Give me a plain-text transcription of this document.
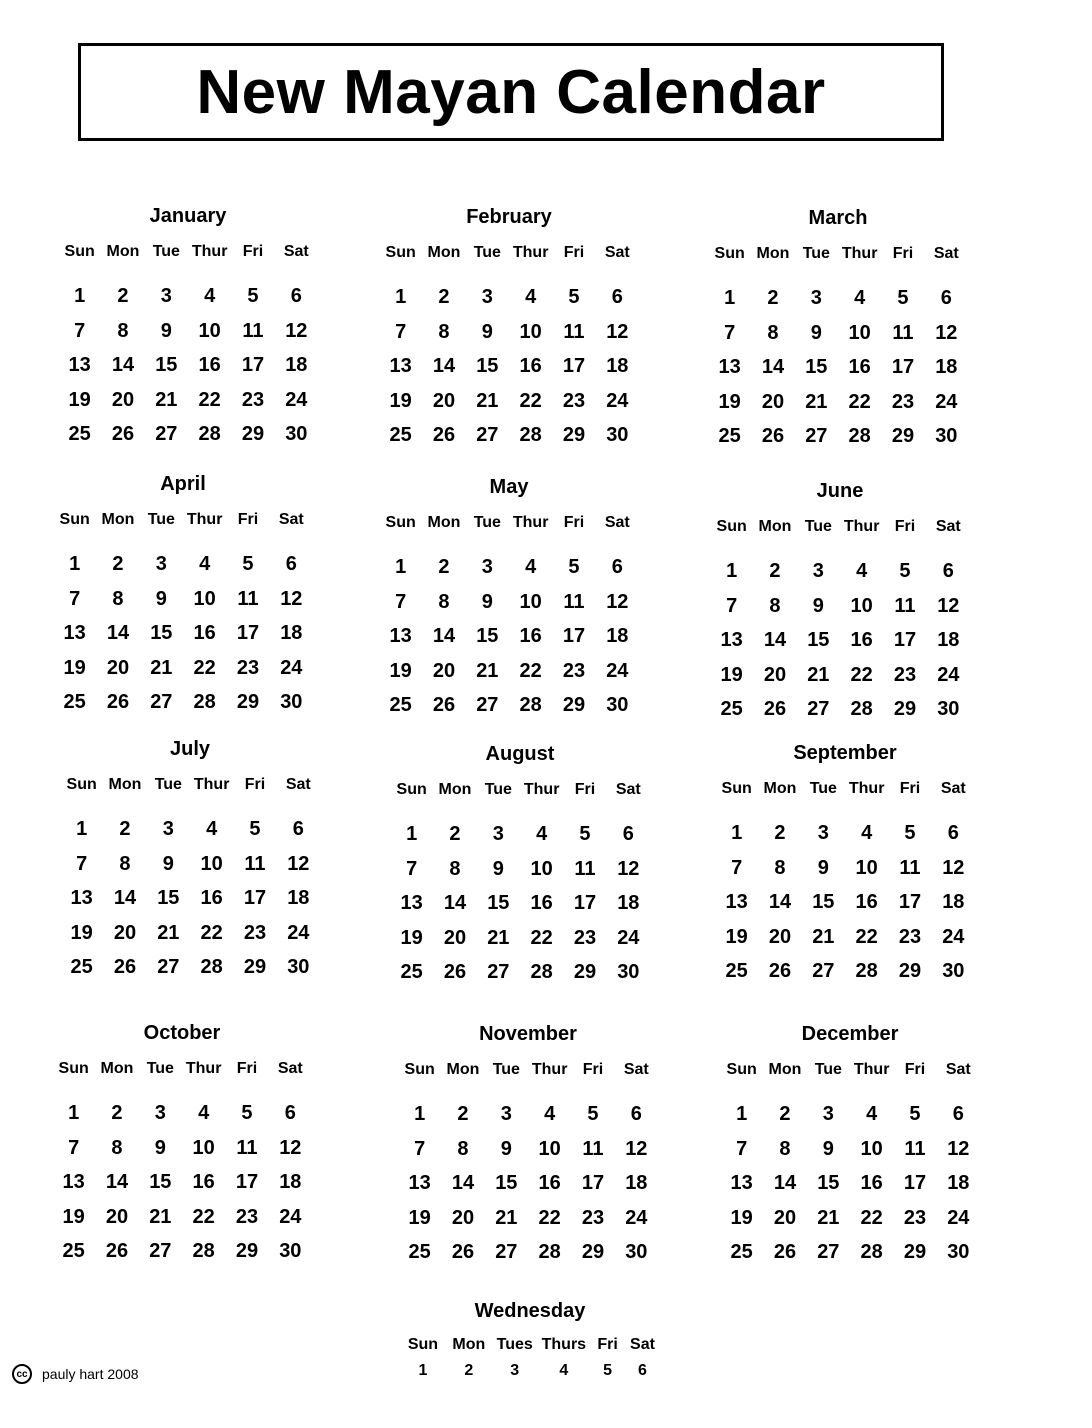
New Mayan Calendar
January
Sun Mon Tue Thur Fri	Sat
1	2	3	4	5	6
7	8	9	10	11	12
13	14	15	16	17	18
19	20	21	22	23	24
25	26	27	28	29	30
February
Sun Mon Tue Thur Fri	Sat
1	2	3	4	5	6
7	8	9	10	11	12
13	14	15	16	17	18
19	20	21	22	23	24
25	26	27	28	29	30
March
Sun Mon Tue Thur Fri	Sat
1	2	3	4	5	6
7	8	9	10	11	12
13	14	15	16	17	18
19	20	21	22	23	24
25	26	27	28	29	30
April
Sun Mon Tue Thur Fri	Sat
1	2	3	4	5	6
7	8	9	10	11	12
13	14	15	16	17	18
19	20	21	22	23	24
25	26	27	28	29	30
May
Sun Mon Tue Thur Fri	Sat
1	2	3	4	5	6
7	8	9	10	11	12
13	14	15	16	17	18
19	20	21	22	23	24
25	26	27	28	29	30
June
Sun Mon Tue Thur Fri	Sat
1	2	3	4	5	6
7	8	9	10	11	12
13	14	15	16	17	18
19	20	21	22	23	24
25	26	27	28	29	30
July
Sun Mon Tue Thur Fri	Sat
1	2	3	4	5	6
7	8	9	10	11	12
13	14	15	16	17	18
19	20	21	22	23	24
25	26	27	28	29	30
August
Sun Mon Tue Thur Fri	Sat
1	2	3	4	5	6
7	8	9	10	11	12
13	14	15	16	17	18
19	20	21	22	23	24
25	26	27	28	29	30
September
Sun Mon Tue Thur Fri	Sat
1	2	3	4	5	6
7	8	9	10	11	12
13	14	15	16	17	18
19	20	21	22	23	24
25	26	27	28	29	30
October
Sun Mon Tue Thur Fri	Sat
1	2	3	4	5	6
7	8	9	10	11	12
13	14	15	16	17	18
19	20	21	22	23	24
25	26	27	28	29	30
November
Sun Mon Tue Thur Fri	Sat
1	2	3	4	5	6
7	8	9	10	11	12
13	14	15	16	17	18
19	20	21	22	23	24
25	26	27	28	29	30
December
Sun Mon Tue Thur Fri	Sat
1	2	3	4	5	6
7	8	9	10	11	12
13	14	15	16	17	18
19	20	21	22	23	24
25	26	27	28	29	30
Wednesday
Sun Mon Tues Thurs Fri Sat
1	2	3	4	5	6
cc	pauly hart 2008
